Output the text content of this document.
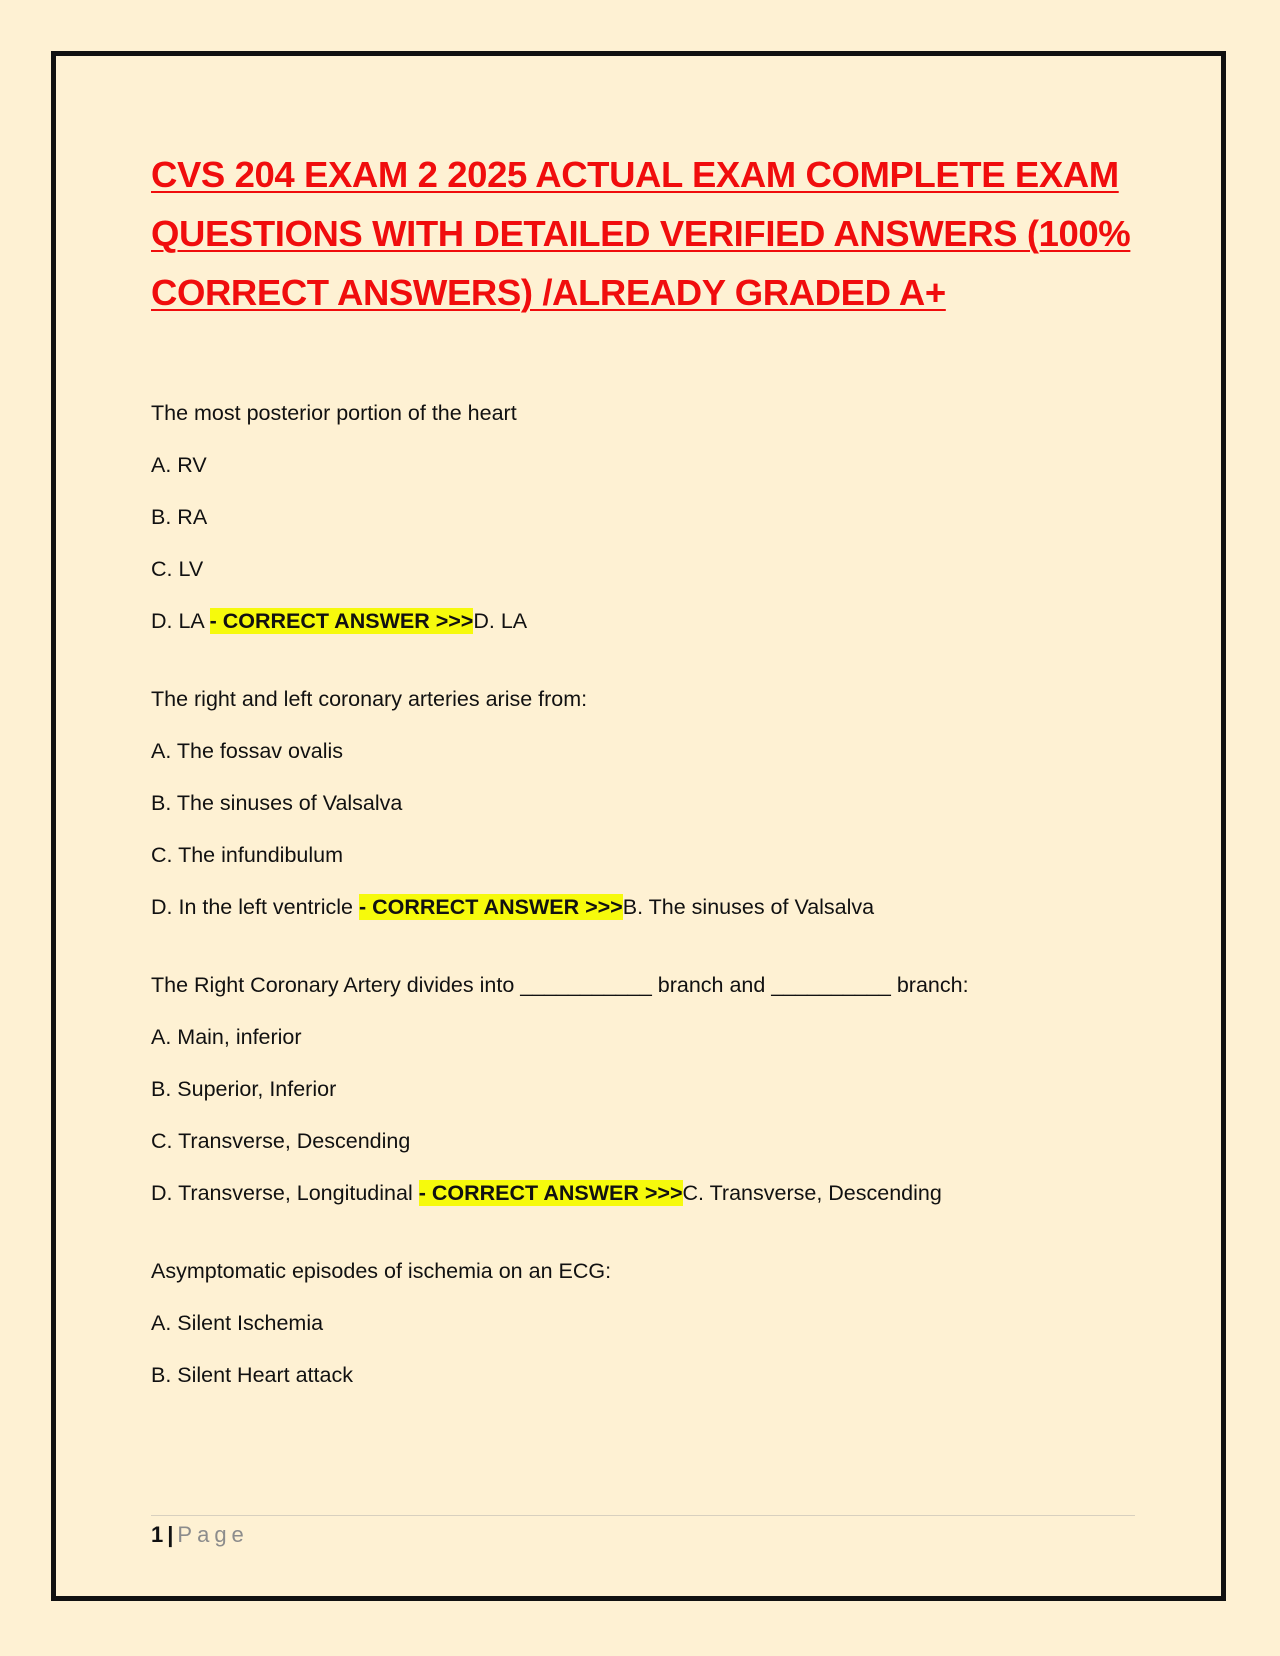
CVS 204 EXAM 2 2025 ACTUAL EXAM COMPLETE EXAM QUESTIONS WITH DETAILED VERIFIED ANSWERS (100% CORRECT ANSWERS) /ALREADY GRADED A+

The most posterior portion of the heart

A. RV

B. RA

C. LV

D. LA - CORRECT ANSWER >>>D. LA

The right and left coronary arteries arise from:

A. The fossav ovalis

B. The sinuses of Valsalva

C. The infundibulum

D. In the left ventricle - CORRECT ANSWER >>>B. The sinuses of Valsalva

The Right Coronary Artery divides into ___________ branch and __________ branch:

A. Main, inferior

B. Superior, Inferior

C. Transverse, Descending

D. Transverse, Longitudinal - CORRECT ANSWER >>>C. Transverse, Descending

Asymptomatic episodes of ischemia on an ECG:

A. Silent Ischemia

B. Silent Heart attack

1 | Page
